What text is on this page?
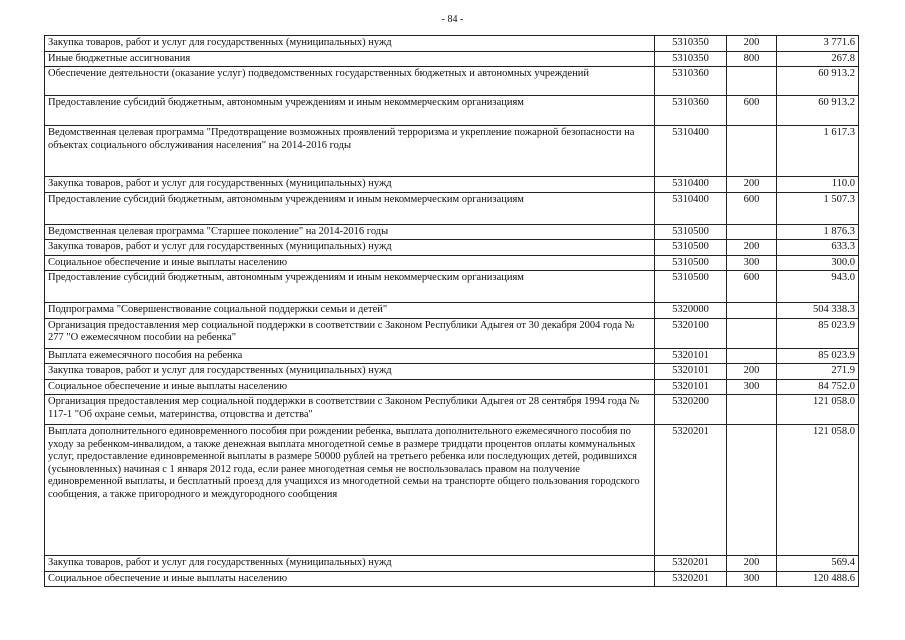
- 84 -
Закупка товаров, работ и услуг для государственных (муниципальных) нужд	5310350	200	3 771.6
Иные бюджетные ассигнования	5310350	800	267.8
Обеспечение деятельности (оказание услуг) подведомственных государственных бюджетных и автономных учреждений	5310360		60 913.2
Предоставление субсидий бюджетным, автономным учреждениям и иным некоммерческим организациям	5310360	600	60 913.2
Ведомственная целевая программа "Предотвращение возможных проявлений терроризма и укрепление пожарной безопасности на объектах социального обслуживания населения" на 2014-2016 годы	5310400		1 617.3
Закупка товаров, работ и услуг для государственных (муниципальных) нужд	5310400	200	110.0
Предоставление субсидий бюджетным, автономным учреждениям и иным некоммерческим организациям	5310400	600	1 507.3
Ведомственная целевая программа "Старшее поколение" на 2014-2016 годы	5310500		1 876.3
Закупка товаров, работ и услуг для государственных (муниципальных) нужд	5310500	200	633.3
Социальное обеспечение и иные выплаты населению	5310500	300	300.0
Предоставление субсидий бюджетным, автономным учреждениям и иным некоммерческим организациям	5310500	600	943.0
Подпрограмма "Совершенствование социальной поддержки семьи и детей"	5320000		504 338.3
Организация предоставления мер социальной поддержки в соответствии с Законом Республики Адыгея от 30 декабря 2004 года № 277 "О ежемесячном пособии на ребенка"	5320100		85 023.9
Выплата ежемесячного пособия на ребенка	5320101		85 023.9
Закупка товаров, работ и услуг для государственных (муниципальных) нужд	5320101	200	271.9
Социальное обеспечение и иные выплаты населению	5320101	300	84 752.0
Организация предоставления мер социальной поддержки в соответствии с Законом Республики Адыгея от 28 сентября 1994 года № 117-1 "Об охране семьи, материнства, отцовства и детства"	5320200		121 058.0
Выплата дополнительного единовременного пособия при рождении ребенка, выплата дополнительного ежемесячного пособия по уходу за ребенком-инвалидом, а также денежная выплата многодетной семье в размере тридцати процентов оплаты коммунальных услуг, предоставление единовременной выплаты в размере 50000 рублей на третьего ребенка или последующих детей, родившихся (усыновленных) начиная с 1 января 2012 года, если ранее многодетная семья не воспользовалась правом на получение единовременной выплаты, и бесплатный проезд для учащихся из многодетной семьи на транспорте общего пользования городского сообщения, а также пригородного и междугородного сообщения	5320201		121 058.0
Закупка товаров, работ и услуг для государственных (муниципальных) нужд	5320201	200	569.4
Социальное обеспечение и иные выплаты населению	5320201	300	120 488.6
